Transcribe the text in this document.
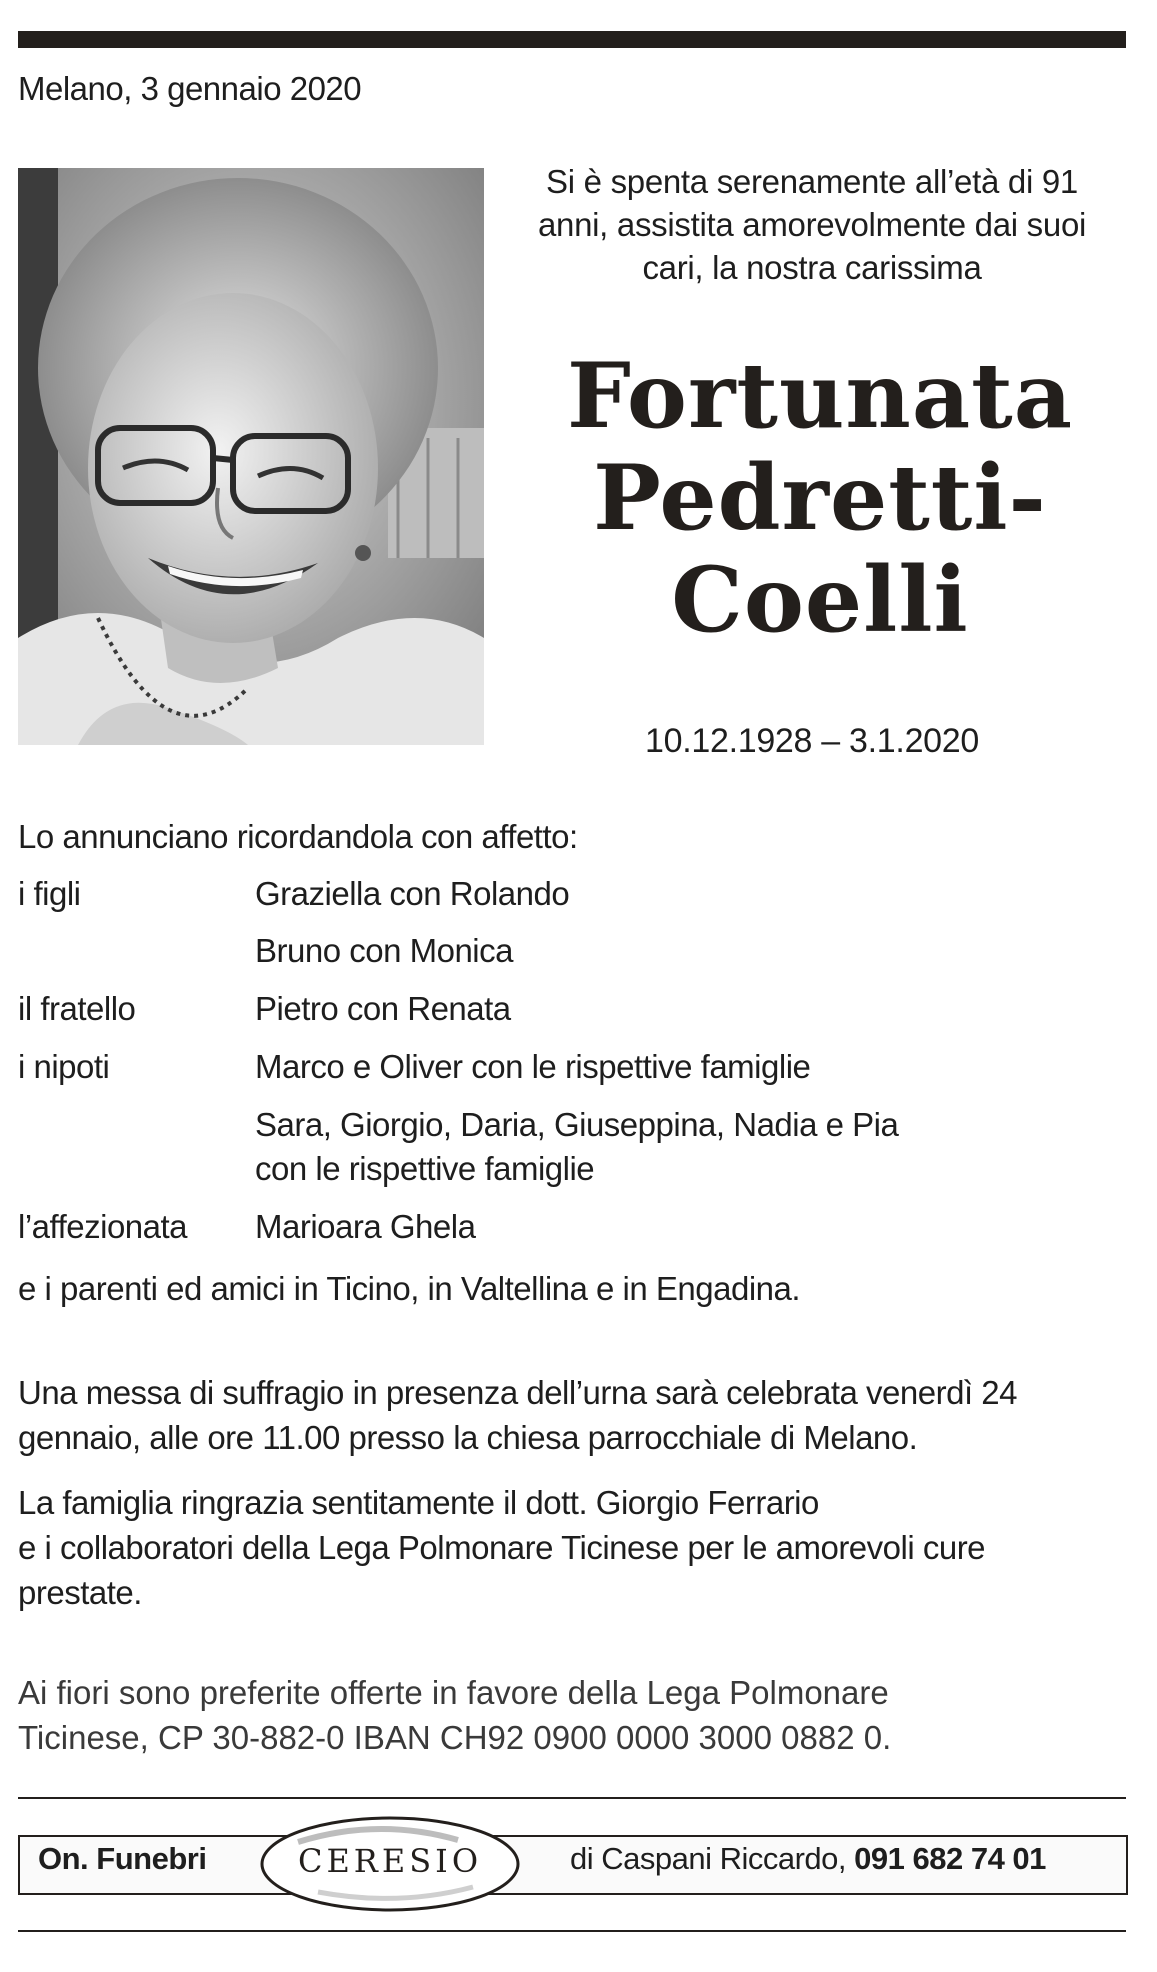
Melano, 3 gennaio 2020
Si è spenta serenamente all’età di 91
anni, assistita amorevolmente dai suoi
cari, la nostra carissima
Fortunata
Pedretti-
Coelli
10.12.1928 – 3.1.2020
Lo annunciano ricordandola con affetto:
i figli	Graziella con Rolando
Bruno con Monica
il fratello	Pietro con Renata
i nipoti	Marco e Oliver con le rispettive famiglie
Sara, Giorgio, Daria, Giuseppina, Nadia e Pia
con le rispettive famiglie
l’affezionata Marioara Ghela
e i parenti ed amici in Ticino, in Valtellina e in Engadina.
Una messa di suffragio in presenza dell’urna sarà celebrata venerdì 24
gennaio, alle ore 11.00 presso la chiesa parrocchiale di Melano.
La famiglia ringrazia sentitamente il dott. Giorgio Ferrario
e i collaboratori della Lega Polmonare Ticinese per le amorevoli cure
prestate.
Ai fiori sono preferite offerte in favore della Lega Polmonare
Ticinese, CP 30-882-0 IBAN CH92 0900 0000 3000 0882 0.
On. Funebri	CERESIO	di Caspani Riccardo, 091 682 74 01
